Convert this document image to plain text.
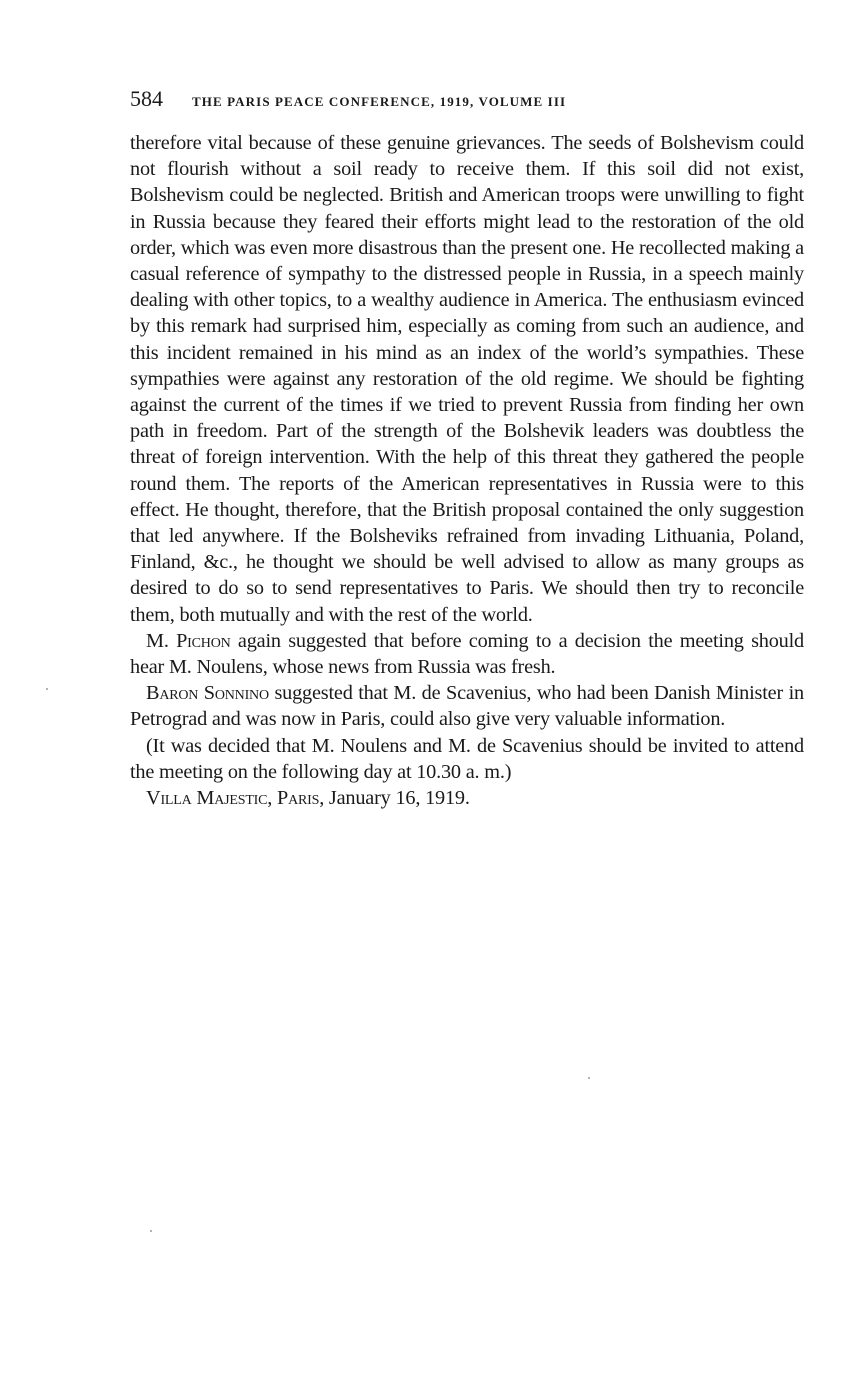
584	THE PARIS PEACE CONFERENCE, 1919, VOLUME III

therefore vital because of these genuine grievances. The seeds of Bolshevism could not flourish without a soil ready to receive them. If this soil did not exist, Bolshevism could be neglected. British and American troops were unwilling to fight in Russia because they feared their efforts might lead to the restoration of the old order, which was even more disastrous than the present one. He recollected making a casual reference of sympathy to the distressed people in Russia, in a speech mainly dealing with other topics, to a wealthy audience in America. The enthusiasm evinced by this remark had surprised him, especially as coming from such an audience, and this incident remained in his mind as an index of the world’s sympathies. These sympathies were against any restoration of the old regime. We should be fighting against the current of the times if we tried to prevent Russia from finding her own path in freedom. Part of the strength of the Bolshevik leaders was doubtless the threat of foreign intervention. With the help of this threat they gathered the people round them. The reports of the American representatives in Russia were to this effect. He thought, therefore, that the British proposal contained the only suggestion that led anywhere. If the Bolsheviks refrained from invading Lithuania, Poland, Finland, &c., he thought we should be well advised to allow as many groups as desired to do so to send representatives to Paris. We should then try to reconcile them, both mutually and with the rest of the world.

M. Pichon again suggested that before coming to a decision the meeting should hear M. Noulens, whose news from Russia was fresh.

Baron Sonnino suggested that M. de Scavenius, who had been Danish Minister in Petrograd and was now in Paris, could also give very valuable information.

(It was decided that M. Noulens and M. de Scavenius should be invited to attend the meeting on the following day at 10.30 a. m.)

Villa Majestic, Paris, January 16, 1919.
